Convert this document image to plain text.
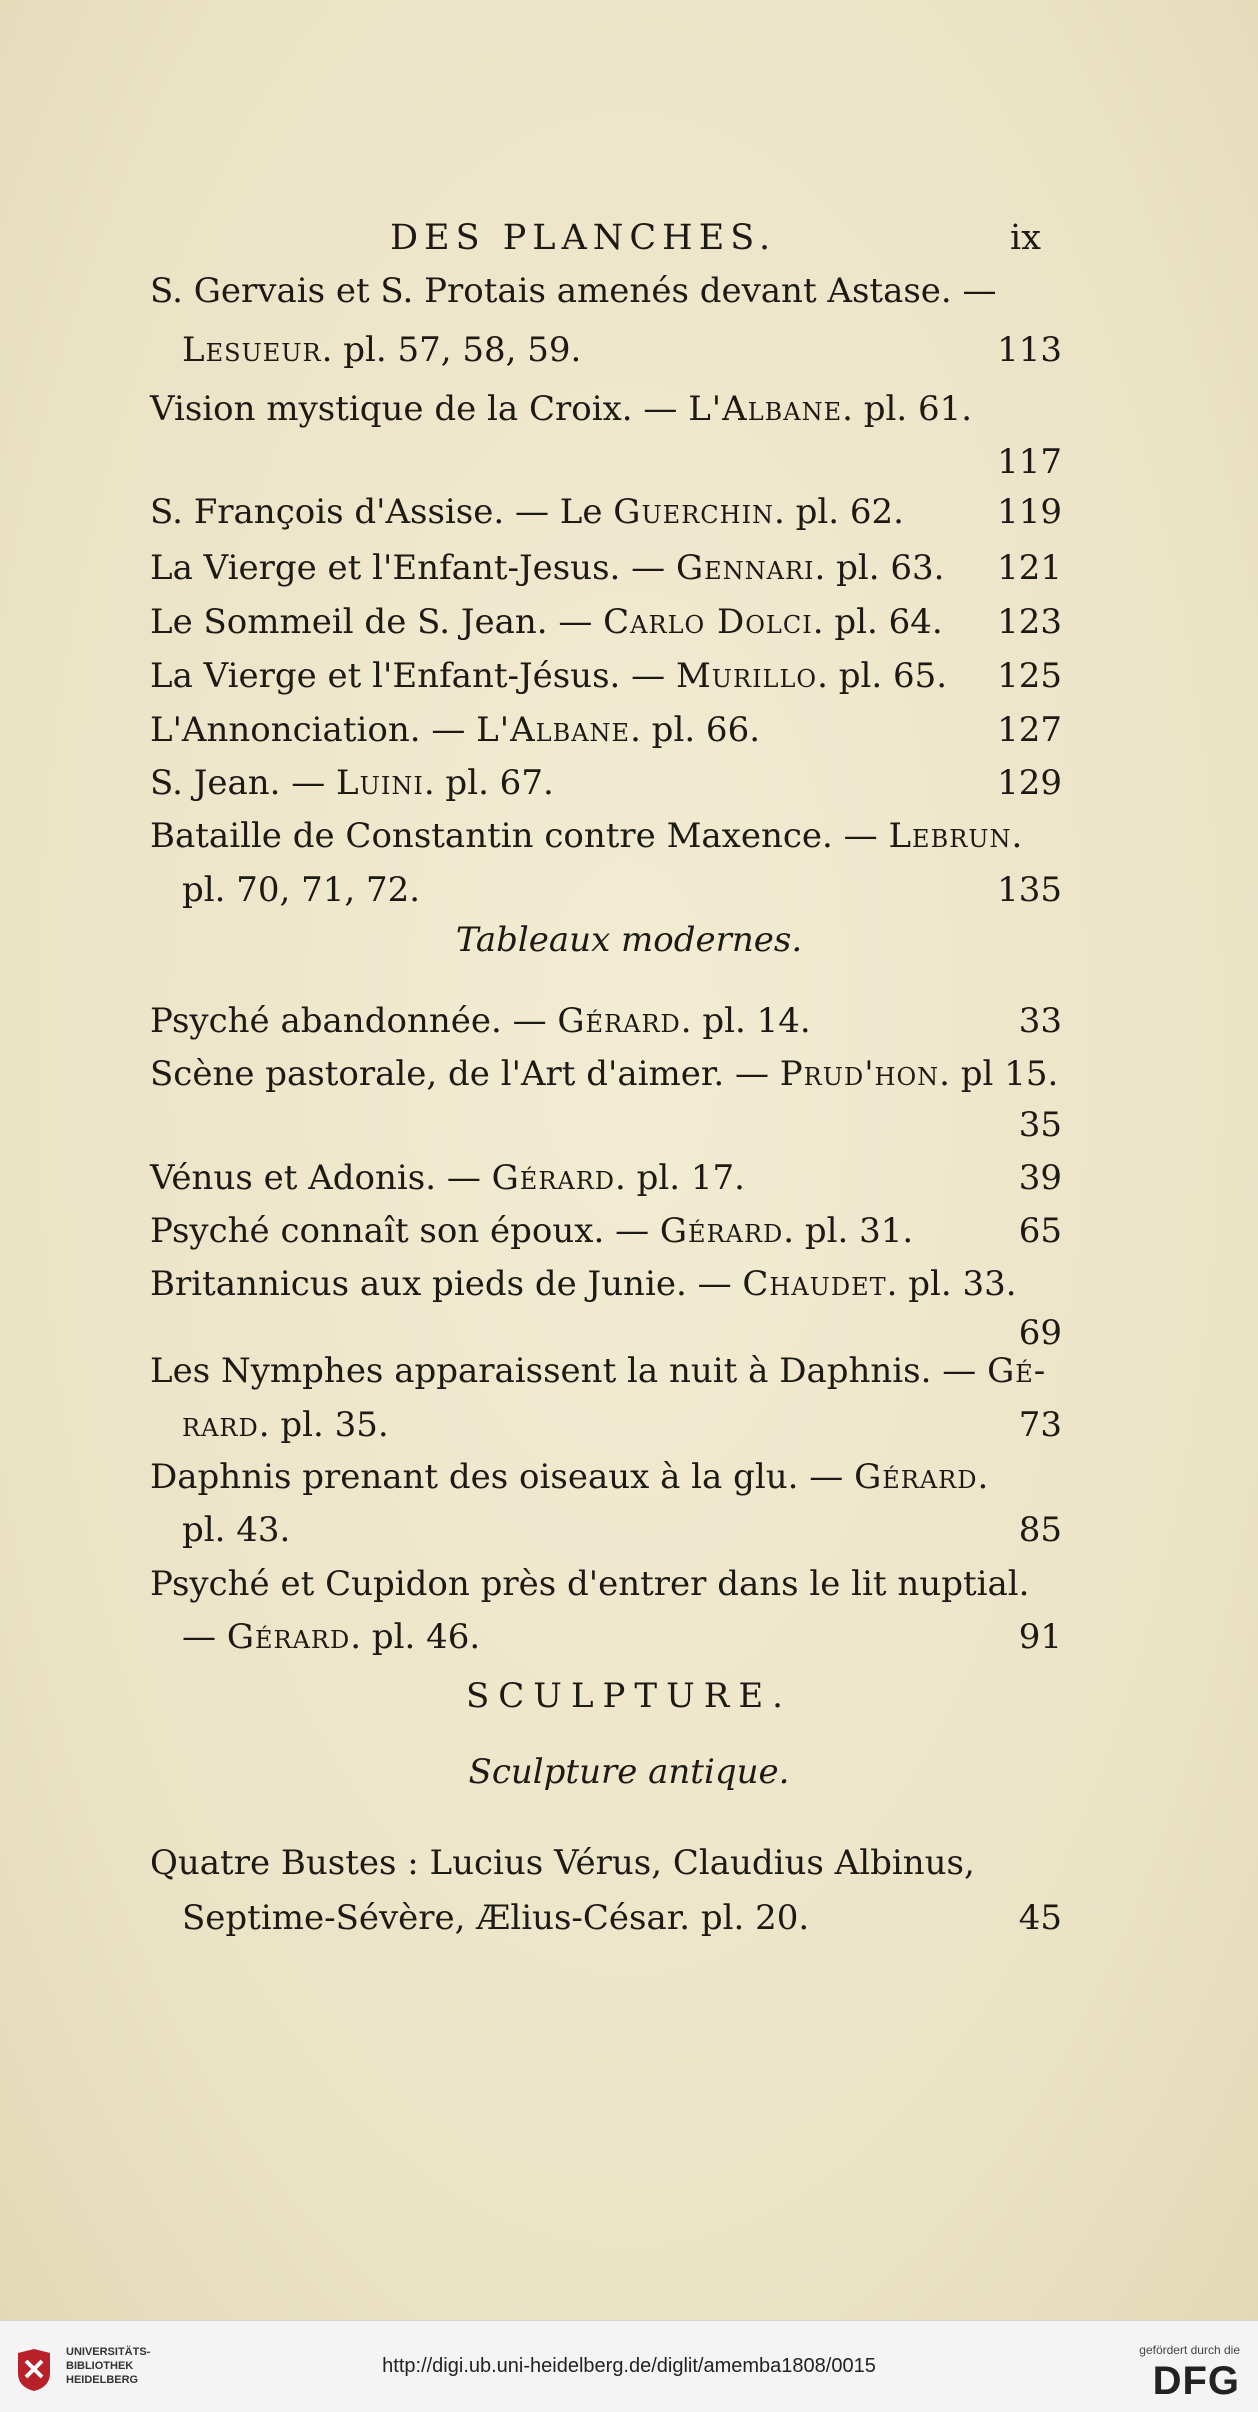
DES PLANCHES.	ix
S. Gervais et S. Protais amenés devant Astase. —
Lesueur. pl. 57, 58, 59.	113
Vision mystique de la Croix. — L'Albane. pl. 61.
117
S. François d'Assise. — Le Guerchin. pl. 62.	119
La Vierge et l'Enfant-Jesus. — Gennari. pl. 63. 121
Le Sommeil de S. Jean. — Carlo Dolci. pl. 64. 123
La Vierge et l'Enfant-Jésus. — Murillo. pl. 65. 125
L'Annonciation. — L'Albane. pl. 66.	127
S. Jean. — Luini. pl. 67.	129
Bataille de Constantin contre Maxence. — Lebrun.
pl. 70, 71, 72.	135
Tableaux modernes.
Psyché abandonnée. — Gérard. pl. 14.	33
Scène pastorale, de l'Art d'aimer. — Prud'hon. pl 15.
35
Vénus et Adonis. — Gérard. pl. 17.	39
Psyché connaît son époux. — Gérard. pl. 31.	65
Britannicus aux pieds de Junie. — Chaudet. pl. 33.
69
Les Nymphes apparaissent la nuit à Daphnis. — Gé-
rard. pl. 35.	73
Daphnis prenant des oiseaux à la glu. — Gérard.
pl. 43.	85
Psyché et Cupidon près d'entrer dans le lit nuptial.
— Gérard. pl. 46.	91
SCULPTURE.
Sculpture antique.
Quatre Bustes : Lucius Vérus, Claudius Albinus,
Septime-Sévère, Ælius-César. pl. 20.	45
UNIVERSITÄTS-BIBLIOTHEK HEIDELBERG
http://digi.ub.uni-heidelberg.de/diglit/amemba1808/0015
gefördert durch die
DFG
